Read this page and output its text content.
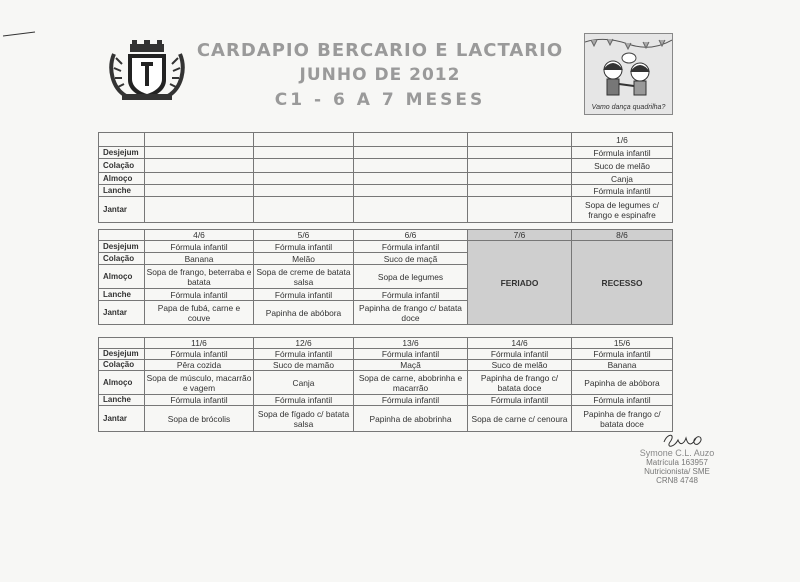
CARDAPIO BERCARIO E LACTARIO
JUNHO DE 2012
C1 - 6 A 7 MESES	Vamo dança quadrilha?
					1/6
Desjejum					Fórmula infantil
Colação					Suco de melão
Almoço					Canja
Lanche					Fórmula infantil
Jantar					Sopa de legumes c/ frango e espinafre
	4/6	5/6	6/6	7/6	8/6
Desjejum	Fórmula infantil	Fórmula infantil	Fórmula infantil	FERIADO	RECESSO
Colação	Banana	Melão	Suco de maçã		
Almoço	Sopa de frango, beterraba e batata	Sopa de creme de batata salsa	Sopa de legumes		
Lanche	Fórmula infantil	Fórmula infantil	Fórmula infantil		
Jantar	Papa de fubá, carne e couve	Papinha de abóbora	Papinha de frango c/ batata doce		
	11/6	12/6	13/6	14/6	15/6
Desjejum	Fórmula infantil	Fórmula infantil	Fórmula infantil	Fórmula infantil	Fórmula infantil
Colação	Pêra cozida	Suco de mamão	Maçã	Suco de melão	Banana
Almoço	Sopa de músculo, macarrão e vagem	Canja	Sopa de carne, abobrinha e macarrão	Papinha de frango c/ batata doce	Papinha de abóbora
Lanche	Fórmula infantil	Fórmula infantil	Fórmula infantil	Fórmula infantil	Fórmula infantil
Jantar	Sopa de brócolis	Sopa de fígado c/ batata salsa	Papinha de abobrinha	Sopa de carne c/ cenoura	Papinha de frango c/ batata doce
Symone C.L. Auzo
Matrícula 163957
Nutricionista/ SME
CRN8 4748
